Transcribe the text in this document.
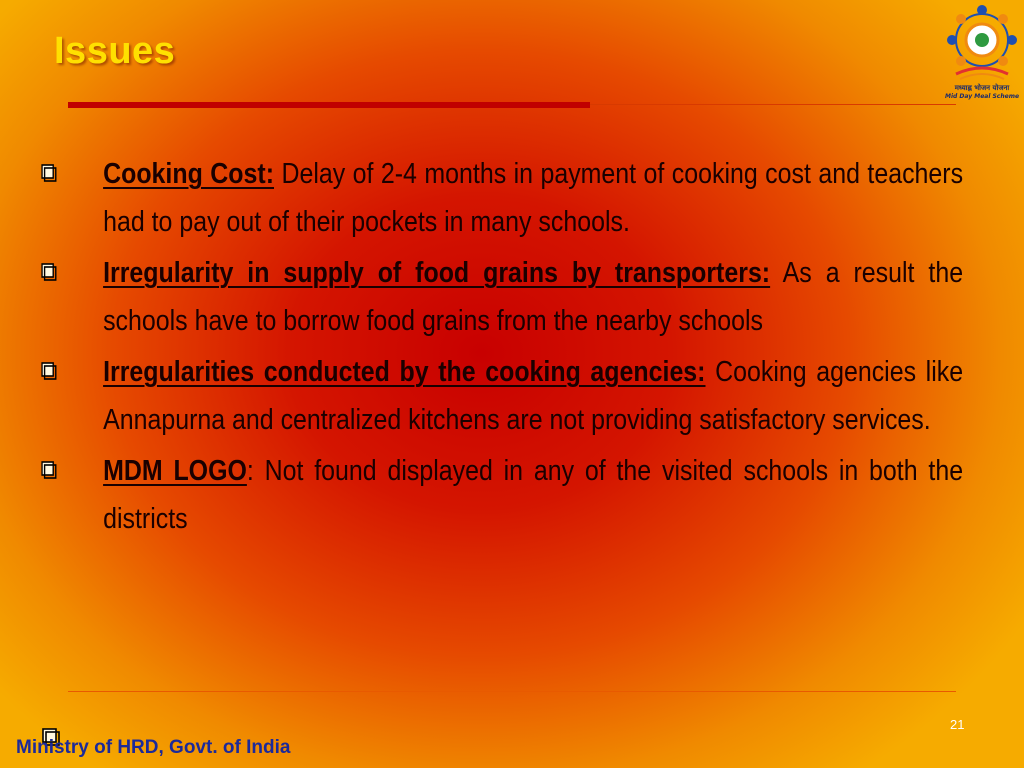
Issues
मध्याह्न भोजन योजना
Mid Day Meal Scheme
Cooking Cost: Delay of 2-4 months in payment of cooking cost and teachers had to pay out of their pockets in many schools.
Irregularity in supply of food grains by transporters: As a result the schools have to borrow food grains from the nearby schools
Irregularities conducted by the cooking agencies: Cooking agencies like Annapurna and centralized kitchens are not providing satisfactory services.
MDM LOGO: Not found displayed in any of the visited schools in both the districts
21
Ministry of HRD, Govt. of India
